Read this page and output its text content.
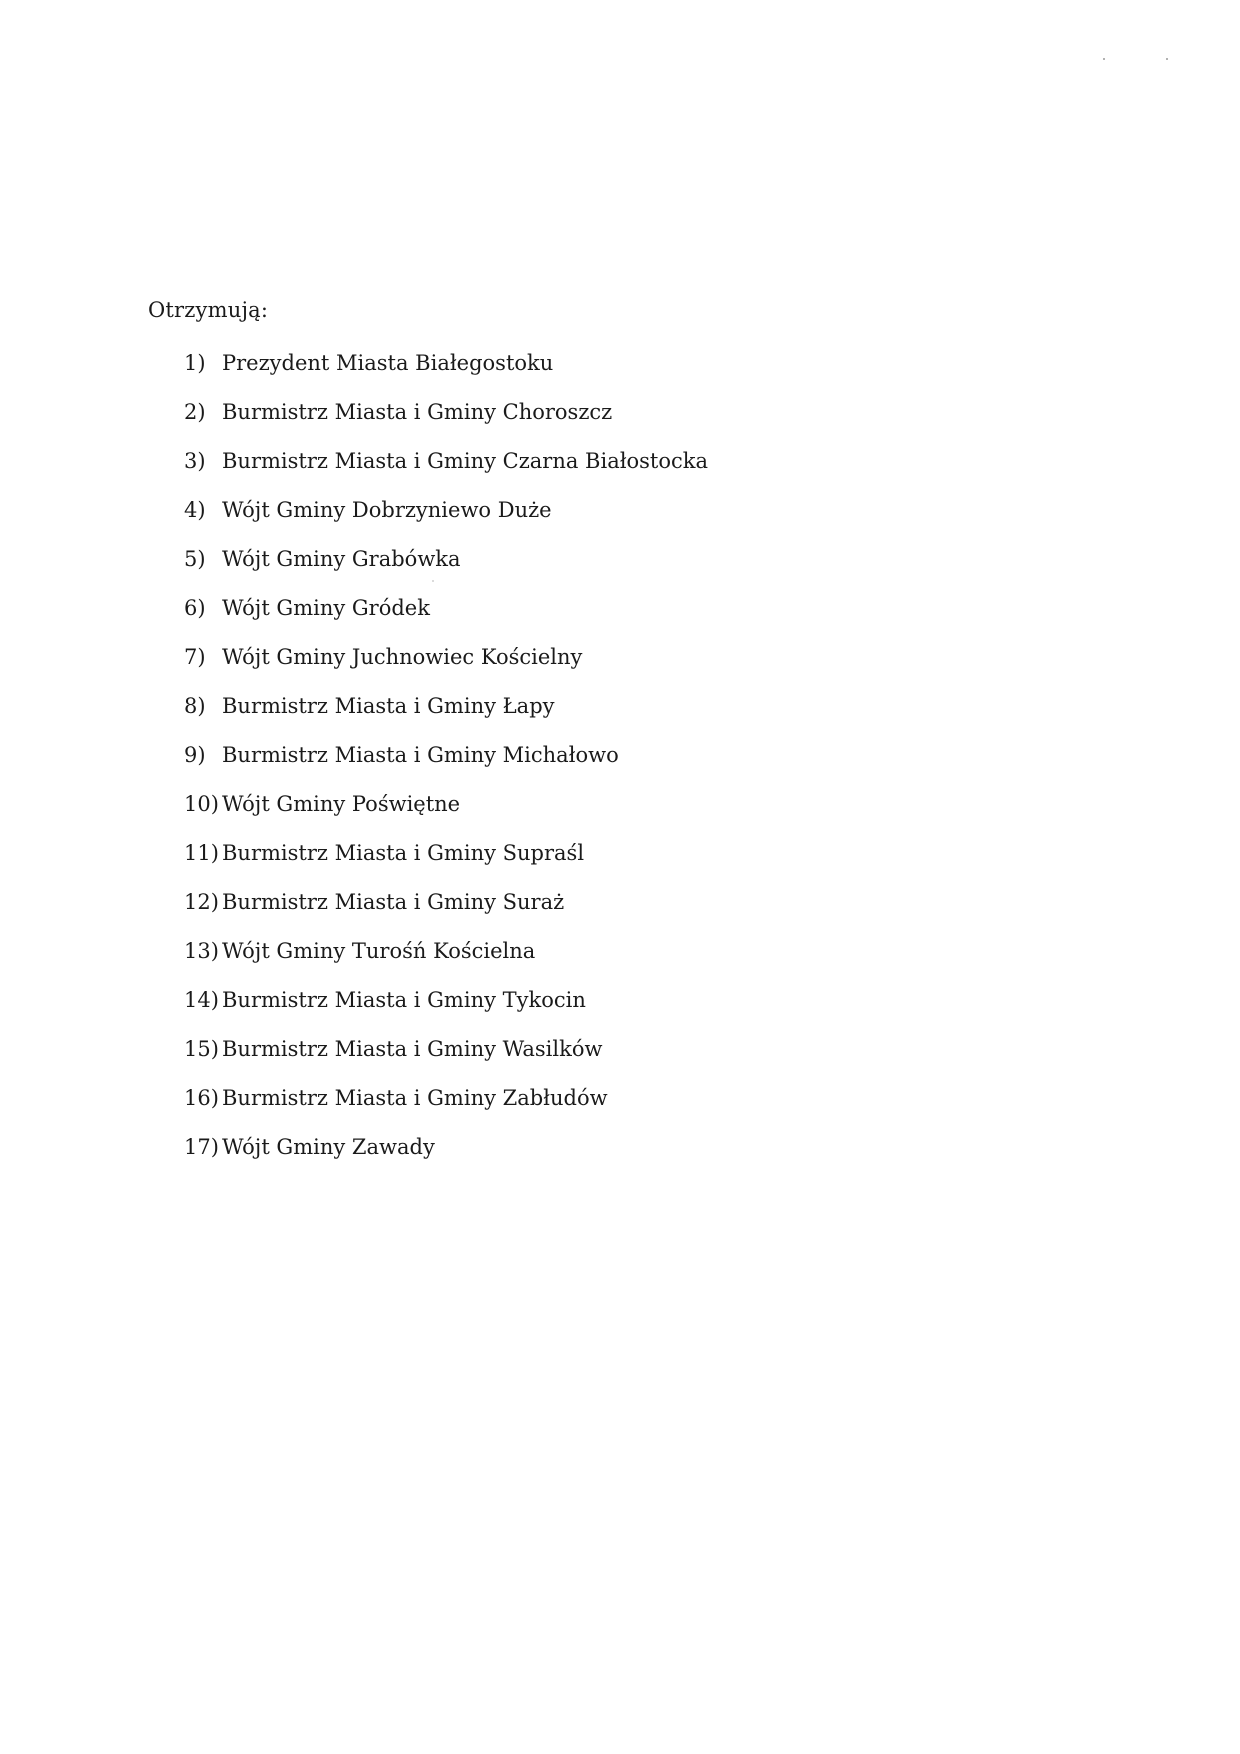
Otrzymują:
1) Prezydent Miasta Białegostoku
2) Burmistrz Miasta i Gminy Choroszcz
3) Burmistrz Miasta i Gminy Czarna Białostocka
4) Wójt Gminy Dobrzyniewo Duże
5) Wójt Gminy Grabówka
6) Wójt Gminy Gródek
7) Wójt Gminy Juchnowiec Kościelny
8) Burmistrz Miasta i Gminy Łapy
9) Burmistrz Miasta i Gminy Michałowo
10) Wójt Gminy Poświętne
11) Burmistrz Miasta i Gminy Supraśl
12) Burmistrz Miasta i Gminy Suraż
13) Wójt Gminy Turośń Kościelna
14) Burmistrz Miasta i Gminy Tykocin
15) Burmistrz Miasta i Gminy Wasilków
16) Burmistrz Miasta i Gminy Zabłudów
17) Wójt Gminy Zawady
